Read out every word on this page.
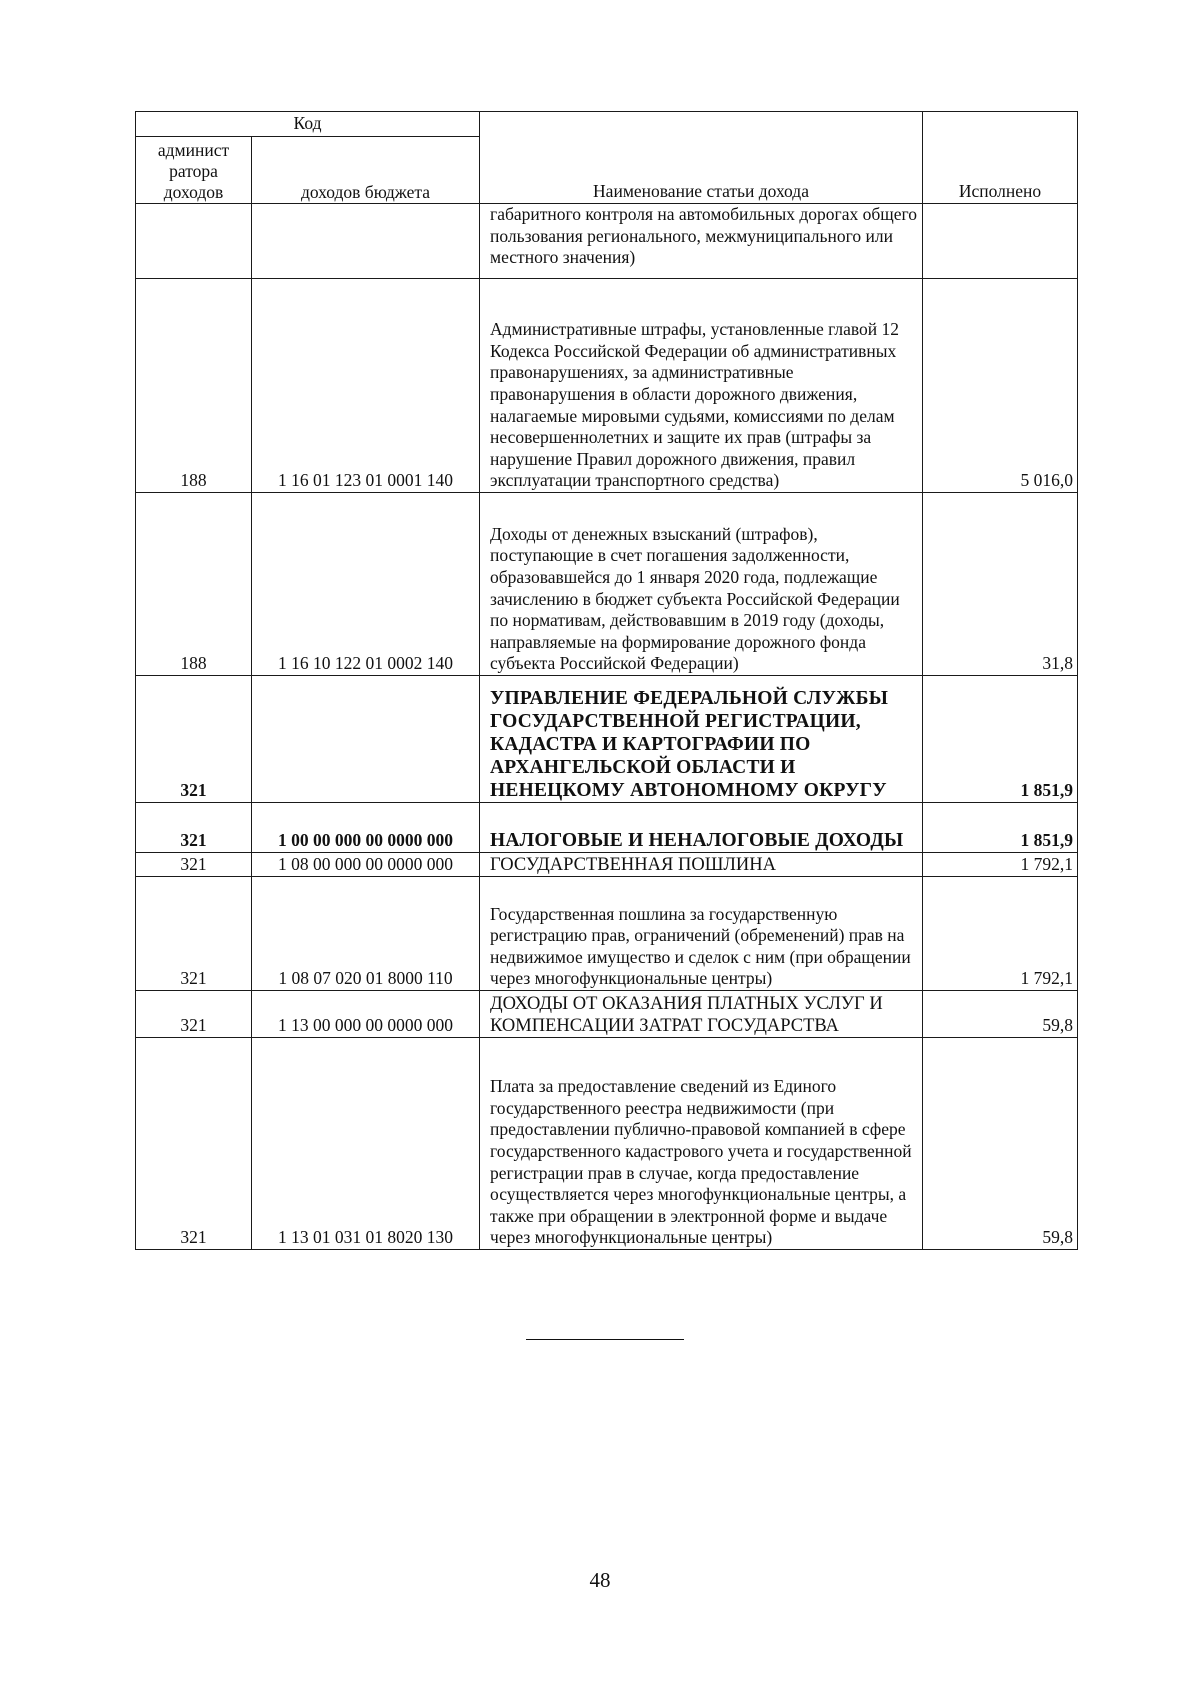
Код		Наименование статьи дохода	Исполнено
админист ратора доходов	доходов бюджета		
		габаритного контроля на автомобильных дорогах общего пользования регионального, межмуниципального или местного значения)	
188	1 16 01 123 01 0001 140	Административные штрафы, установленные главой 12 Кодекса Российской Федерации об административных правонарушениях, за административные правонарушения в области дорожного движения, налагаемые мировыми судьями, комиссиями по делам несовершеннолетних и защите их прав (штрафы за нарушение Правил дорожного движения, правил эксплуатации транспортного средства)	5 016,0
188	1 16 10 122 01 0002 140	Доходы от денежных взысканий (штрафов), поступающие в счет погашения задолженности, образовавшейся до 1 января 2020 года, подлежащие зачислению в бюджет субъекта Российской Федерации по нормативам, действовавшим в 2019 году (доходы, направляемые на формирование дорожного фонда субъекта Российской Федерации)	31,8
321		УПРАВЛЕНИЕ ФЕДЕРАЛЬНОЙ СЛУЖБЫ ГОСУДАРСТВЕННОЙ РЕГИСТРАЦИИ, КАДАСТРА И КАРТОГРАФИИ ПО АРХАНГЕЛЬСКОЙ ОБЛАСТИ И НЕНЕЦКОМУ АВТОНОМНОМУ ОКРУГУ	1 851,9
321	1 00 00 000 00 0000 000	НАЛОГОВЫЕ И НЕНАЛОГОВЫЕ ДОХОДЫ	1 851,9
321	1 08 00 000 00 0000 000	ГОСУДАРСТВЕННАЯ ПОШЛИНА	1 792,1
321	1 08 07 020 01 8000 110	Государственная пошлина за государственную регистрацию прав, ограничений (обременений) прав на недвижимое имущество и сделок с ним (при обращении через многофункциональные центры)	1 792,1
321	1 13 00 000 00 0000 000	ДОХОДЫ ОТ ОКАЗАНИЯ ПЛАТНЫХ УСЛУГ И КОМПЕНСАЦИИ ЗАТРАТ ГОСУДАРСТВА	59,8
321	1 13 01 031 01 8020 130	Плата за предоставление сведений из Единого государственного реестра недвижимости (при предоставлении публично-правовой компанией в сфере государственного кадастрового учета и государственной регистрации прав в случае, когда предоставление осуществляется через многофункциональные центры, а также при обращении в электронной форме и выдаче через многофункциональные центры)	59,8
48
